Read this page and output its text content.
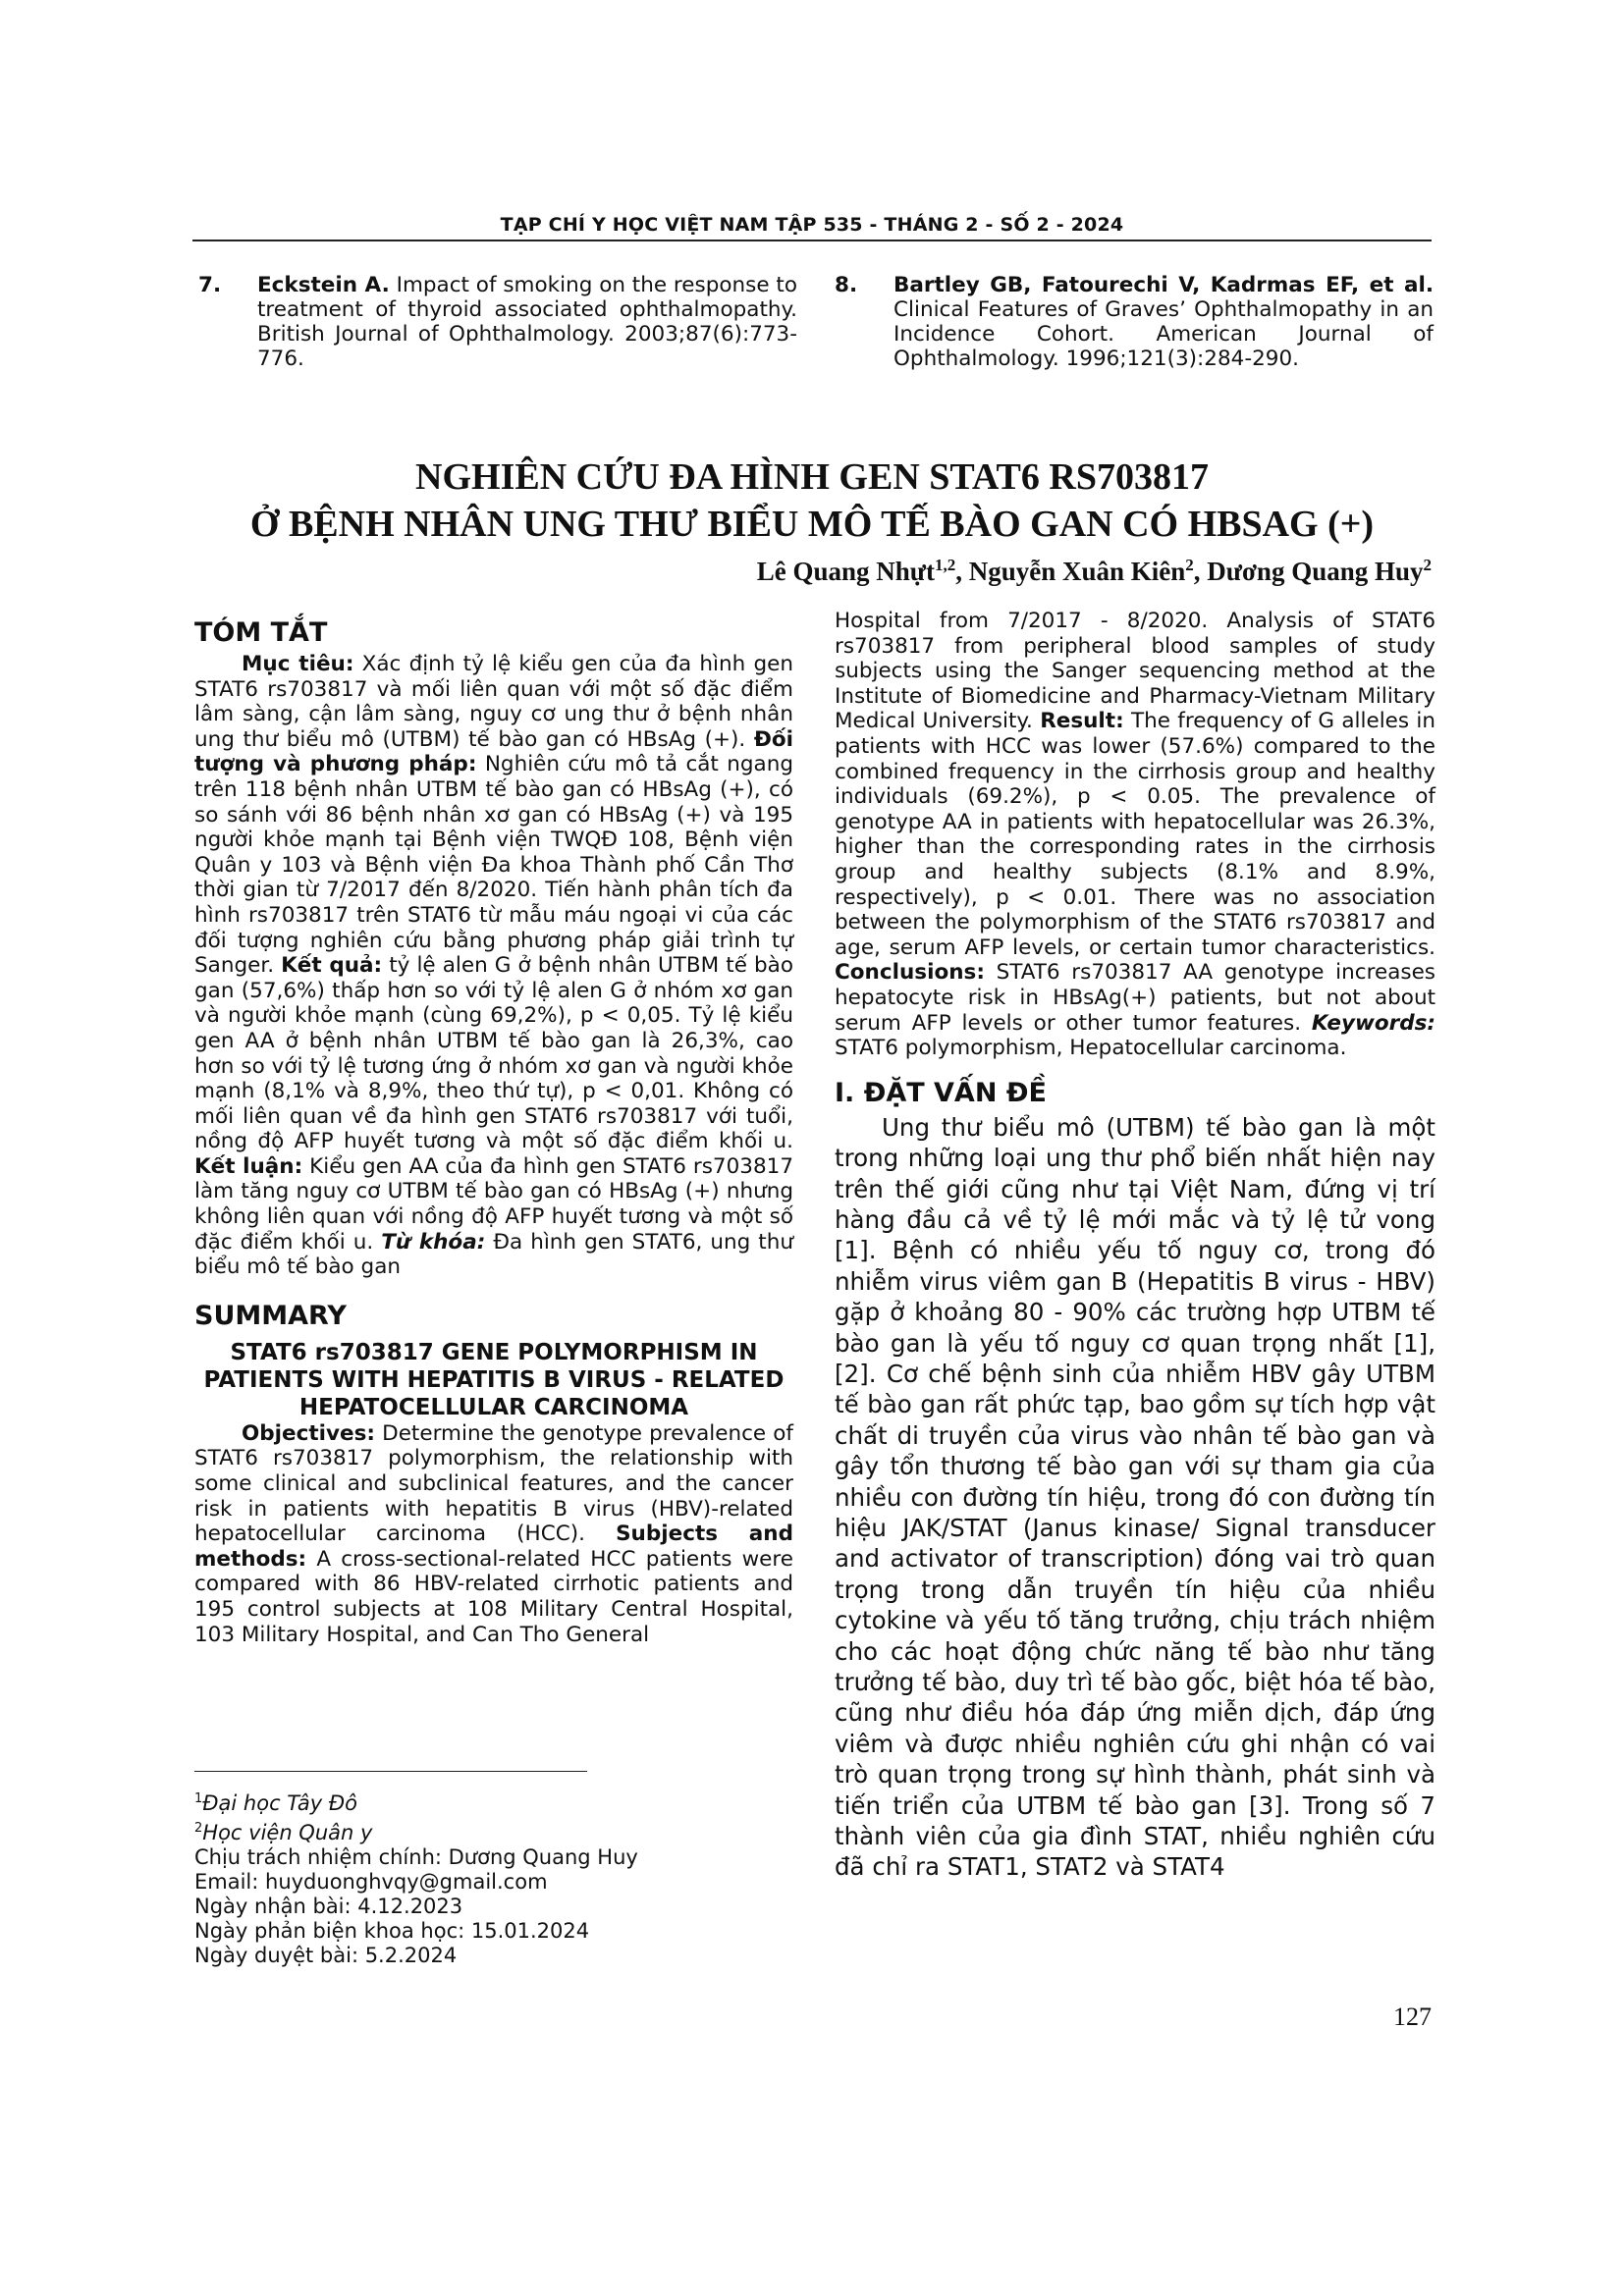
TẠP CHÍ Y HỌC VIỆT NAM TẬP 535 - THÁNG 2 - SỐ 2 - 2024
7. Eckstein A. Impact of smoking on the response to treatment of thyroid associated ophthalmopathy. British Journal of Ophthalmology. 2003;87(6):773-776.
8. Bartley GB, Fatourechi V, Kadrmas EF, et al. Clinical Features of Graves’ Ophthalmopathy in an Incidence Cohort. American Journal of Ophthalmology. 1996;121(3):284-290.
NGHIÊN CỨU ĐA HÌNH GEN STAT6 RS703817
Ở BỆNH NHÂN UNG THƯ BIỂU MÔ TẾ BÀO GAN CÓ HBSAG (+)
Lê Quang Nhựt$^{1,2}$, Nguyễn Xuân Kiên$^2$, Dương Quang Huy$^2$
TÓM TẮT

Mục tiêu: Xác định tỷ lệ kiểu gen của đa hình gen STAT6 rs703817 và mối liên quan với một số đặc điểm lâm sàng, cận lâm sàng, nguy cơ ung thư ở bệnh nhân ung thư biểu mô (UTBM) tế bào gan có HBsAg (+). Đối tượng và phương pháp: Nghiên cứu mô tả cắt ngang trên 118 bệnh nhân UTBM tế bào gan có HBsAg (+), có so sánh với 86 bệnh nhân xơ gan có HBsAg (+) và 195 người khỏe mạnh tại Bệnh viện TWQĐ 108, Bệnh viện Quân y 103 và Bệnh viện Đa khoa Thành phố Cần Thơ thời gian từ 7/2017 đến 8/2020. Tiến hành phân tích đa hình rs703817 trên STAT6 từ mẫu máu ngoại vi của các đối tượng nghiên cứu bằng phương pháp giải trình tự Sanger. Kết quả: tỷ lệ alen G ở bệnh nhân UTBM tế bào gan (57,6%) thấp hơn so với tỷ lệ alen G ở nhóm xơ gan và người khỏe mạnh (cùng 69,2%), p < 0,05. Tỷ lệ kiểu gen AA ở bệnh nhân UTBM tế bào gan là 26,3%, cao hơn so với tỷ lệ tương ứng ở nhóm xơ gan và người khỏe mạnh (8,1% và 8,9%, theo thứ tự), p < 0,01. Không có mối liên quan về đa hình gen STAT6 rs703817 với tuổi, nồng độ AFP huyết tương và một số đặc điểm khối u. Kết luận: Kiểu gen AA của đa hình gen STAT6 rs703817 làm tăng nguy cơ UTBM tế bào gan có HBsAg (+) nhưng không liên quan với nồng độ AFP huyết tương và một số đặc điểm khối u. Từ khóa: Đa hình gen STAT6, ung thư biểu mô tế bào gan

SUMMARY
STAT6 rs703817 GENE POLYMORPHISM IN PATIENTS WITH HEPATITIS B VIRUS - RELATED HEPATOCELLULAR CARCINOMA

Objectives: Determine the genotype prevalence of STAT6 rs703817 polymorphism, the relationship with some clinical and subclinical features, and the cancer risk in patients with hepatitis B virus (HBV)-related hepatocellular carcinoma (HCC). Subjects and methods: A cross-sectional-related HCC patients were compared with 86 HBV-related cirrhotic patients and 195 control subjects at 108 Military Central Hospital, 103 Military Hospital, and Can Tho General

$^1$Đại học Tây Đô
$^2$Học viện Quân y
Chịu trách nhiệm chính: Dương Quang Huy
Email: huyduonghvqy@gmail.com
Ngày nhận bài: 4.12.2023
Ngày phản biện khoa học: 15.01.2024
Ngày duyệt bài: 5.2.2024

Hospital from 7/2017 - 8/2020. Analysis of STAT6 rs703817 from peripheral blood samples of study subjects using the Sanger sequencing method at the Institute of Biomedicine and Pharmacy-Vietnam Military Medical University. Result: The frequency of G alleles in patients with HCC was lower (57.6%) compared to the combined frequency in the cirrhosis group and healthy individuals (69.2%), p < 0.05. The prevalence of genotype AA in patients with hepatocellular was 26.3%, higher than the corresponding rates in the cirrhosis group and healthy subjects (8.1% and 8.9%, respectively), p < 0.01. There was no association between the polymorphism of the STAT6 rs703817 and age, serum AFP levels, or certain tumor characteristics. Conclusions: STAT6 rs703817 AA genotype increases hepatocyte risk in HBsAg(+) patients, but not about serum AFP levels or other tumor features. Keywords: STAT6 polymorphism, Hepatocellular carcinoma.

I. ĐẶT VẤN ĐỀ

Ung thư biểu mô (UTBM) tế bào gan là một trong những loại ung thư phổ biến nhất hiện nay trên thế giới cũng như tại Việt Nam, đứng vị trí hàng đầu cả về tỷ lệ mới mắc và tỷ lệ tử vong [1]. Bệnh có nhiều yếu tố nguy cơ, trong đó nhiễm virus viêm gan B (Hepatitis B virus - HBV) gặp ở khoảng 80 - 90% các trường hợp UTBM tế bào gan là yếu tố nguy cơ quan trọng nhất [1], [2]. Cơ chế bệnh sinh của nhiễm HBV gây UTBM tế bào gan rất phức tạp, bao gồm sự tích hợp vật chất di truyền của virus vào nhân tế bào gan và gây tổn thương tế bào gan với sự tham gia của nhiều con đường tín hiệu, trong đó con đường tín hiệu JAK/STAT (Janus kinase/ Signal transducer and activator of transcription) đóng vai trò quan trọng trong dẫn truyền tín hiệu của nhiều cytokine và yếu tố tăng trưởng, chịu trách nhiệm cho các hoạt động chức năng tế bào như tăng trưởng tế bào, duy trì tế bào gốc, biệt hóa tế bào, cũng như điều hóa đáp ứng miễn dịch, đáp ứng viêm và được nhiều nghiên cứu ghi nhận có vai trò quan trọng trong sự hình thành, phát sinh và tiến triển của UTBM tế bào gan [3]. Trong số 7 thành viên của gia đình STAT, nhiều nghiên cứu đã chỉ ra STAT1, STAT2 và STAT4

127
